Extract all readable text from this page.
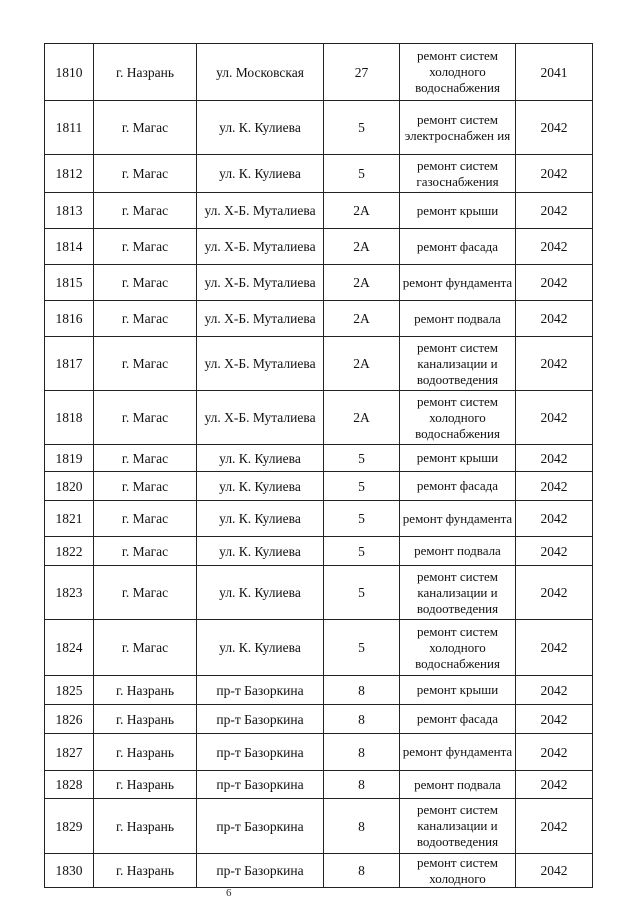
1810	г. Назрань	ул. Московская	27	ремонт систем холодного водоснабжения	2041
1811	г. Магас	ул. К. Кулиева	5	ремонт систем электроснабжен ия	2042
1812	г. Магас	ул. К. Кулиева	5	ремонт систем газоснабжения	2042
1813	г. Магас	ул. Х-Б. Муталиева	2А	ремонт крыши	2042
1814	г. Магас	ул. Х-Б. Муталиева	2А	ремонт фасада	2042
1815	г. Магас	ул. Х-Б. Муталиева	2А	ремонт фундамента	2042
1816	г. Магас	ул. Х-Б. Муталиева	2А	ремонт подвала	2042
1817	г. Магас	ул. Х-Б. Муталиева	2А	ремонт систем канализации и водоотведения	2042
1818	г. Магас	ул. Х-Б. Муталиева	2А	ремонт систем холодного водоснабжения	2042
1819	г. Магас	ул. К. Кулиева	5	ремонт крыши	2042
1820	г. Магас	ул. К. Кулиева	5	ремонт фасада	2042
1821	г. Магас	ул. К. Кулиева	5	ремонт фундамента	2042
1822	г. Магас	ул. К. Кулиева	5	ремонт подвала	2042
1823	г. Магас	ул. К. Кулиева	5	ремонт систем канализации и водоотведения	2042
1824	г. Магас	ул. К. Кулиева	5	ремонт систем холодного водоснабжения	2042
1825	г. Назрань	пр-т Базоркина	8	ремонт крыши	2042
1826	г. Назрань	пр-т Базоркина	8	ремонт фасада	2042
1827	г. Назрань	пр-т Базоркина	8	ремонт фундамента	2042
1828	г. Назрань	пр-т Базоркина	8	ремонт подвала	2042
1829	г. Назрань	пр-т Базоркина	8	ремонт систем канализации и водоотведения	2042
1830	г. Назрань	пр-т Базоркина	8	ремонт систем холодного	2042
6
